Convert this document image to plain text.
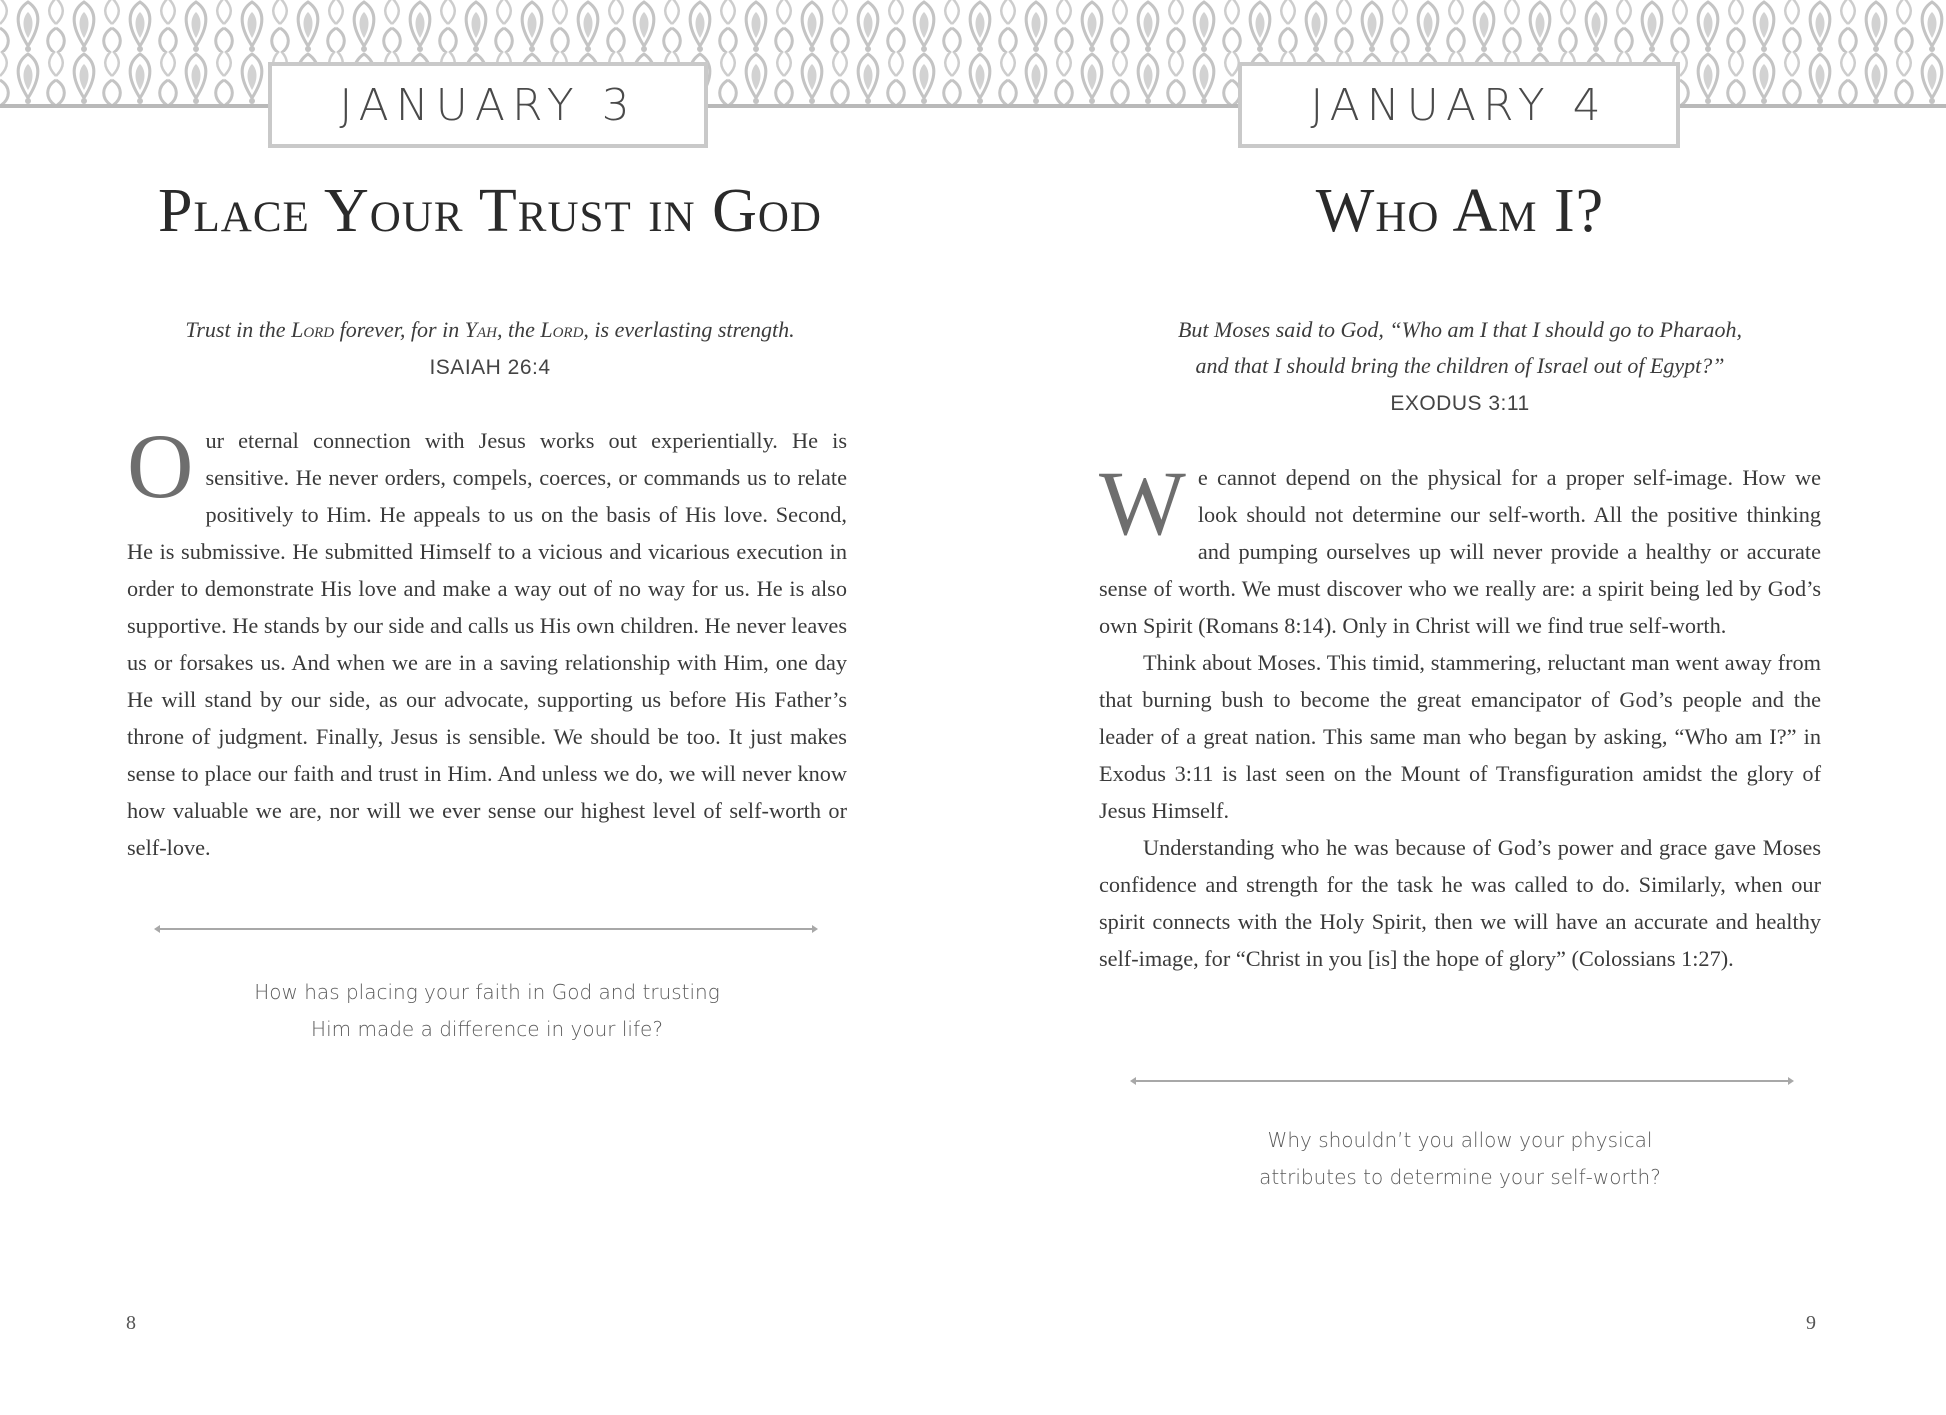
JANUARY 3
Place Your Trust in God
Trust in the Lord forever, for in Yah, the Lord, is everlasting strength.
ISAIAH 26:4

Our eternal connection with Jesus works out experientially. He is sensitive. He never orders, compels, coerces, or commands us to relate positively to Him. He appeals to us on the basis of His love. Second, He is submissive. He submitted Himself to a vicious and vicarious execution in order to demonstrate His love and make a way out of no way for us. He is also supportive. He stands by our side and calls us His own children. He never leaves us or forsakes us. And when we are in a saving relationship with Him, one day He will stand by our side, as our advocate, supporting us before His Father’s throne of judgment. Finally, Jesus is sensible. We should be too. It just makes sense to place our faith and trust in Him. And unless we do, we will never know how valuable we are, nor will we ever sense our highest level of self-worth or self-love.

How has placing your faith in God and trusting
Him made a difference in your life?
8
JANUARY 4
Who Am I?
But Moses said to God, “Who am I that I should go to Pharaoh,
and that I should bring the children of Israel out of Egypt?”
EXODUS 3:11

We cannot depend on the physical for a proper self-image. How we look should not determine our self-worth. All the positive thinking and pumping ourselves up will never provide a healthy or accurate sense of worth. We must discover who we really are: a spirit being led by God’s own Spirit (Romans 8:14). Only in Christ will we find true self-worth.

Think about Moses. This timid, stammering, reluctant man went away from that burning bush to become the great emancipator of God’s people and the leader of a great nation. This same man who began by asking, “Who am I?” in Exodus 3:11 is last seen on the Mount of Transfiguration amidst the glory of Jesus Himself.

Understanding who he was because of God’s power and grace gave Moses confidence and strength for the task he was called to do. Similarly, when our spirit connects with the Holy Spirit, then we will have an accurate and healthy self-image, for “Christ in you [is] the hope of glory” (Colossians 1:27).

Why shouldn’t you allow your physical
attributes to determine your self-worth?
9
